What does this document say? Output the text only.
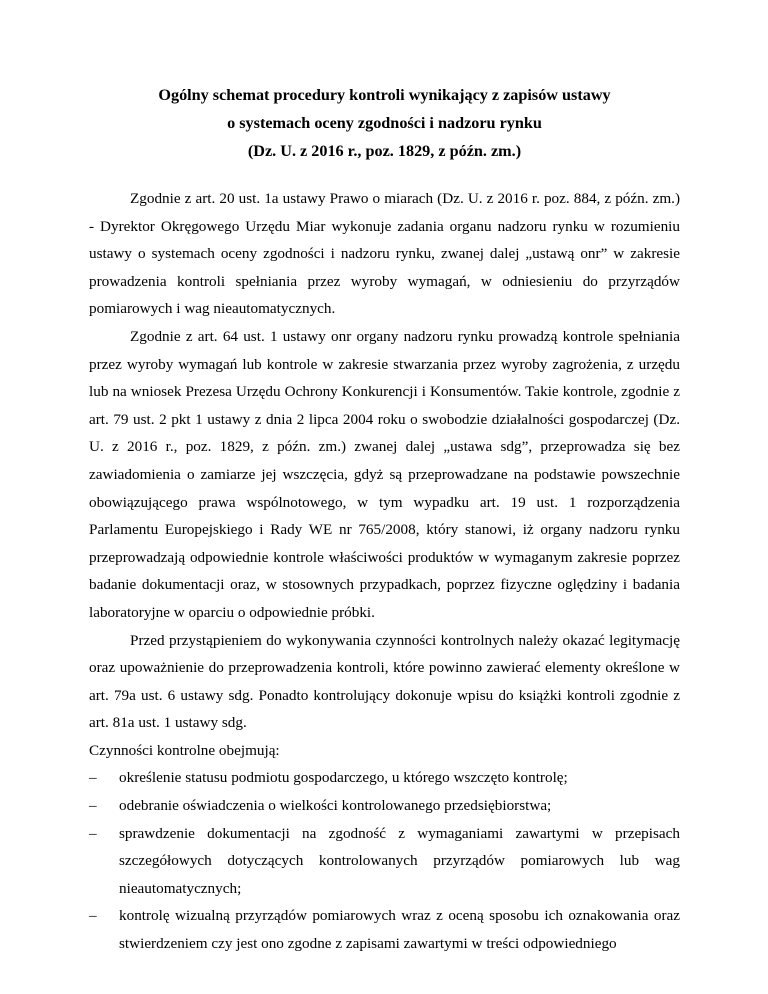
Ogólny schemat procedury kontroli wynikający z zapisów ustawy
o systemach oceny zgodności i nadzoru rynku
(Dz. U. z 2016 r., poz. 1829, z późn. zm.)

Zgodnie z art. 20 ust. 1a ustawy Prawo o miarach (Dz. U. z 2016 r. poz. 884, z późn. zm.) - Dyrektor Okręgowego Urzędu Miar wykonuje zadania organu nadzoru rynku w rozumieniu ustawy o systemach oceny zgodności i nadzoru rynku, zwanej dalej „ustawą onr” w zakresie prowadzenia kontroli spełniania przez wyroby wymagań, w odniesieniu do przyrządów pomiarowych i wag nieautomatycznych.

Zgodnie z art. 64 ust. 1 ustawy onr organy nadzoru rynku prowadzą kontrole spełniania przez wyroby wymagań lub kontrole w zakresie stwarzania przez wyroby zagrożenia, z urzędu lub na wniosek Prezesa Urzędu Ochrony Konkurencji i Konsumentów. Takie kontrole, zgodnie z art. 79 ust. 2 pkt 1 ustawy z dnia 2 lipca 2004 roku o swobodzie działalności gospodarczej (Dz. U. z 2016 r., poz. 1829, z późn. zm.) zwanej dalej „ustawa sdg”, przeprowadza się bez zawiadomienia o zamiarze jej wszczęcia, gdyż są przeprowadzane na podstawie powszechnie obowiązującego prawa wspólnotowego, w tym wypadku art. 19 ust. 1 rozporządzenia Parlamentu Europejskiego i Rady WE nr 765/2008, który stanowi, iż organy nadzoru rynku przeprowadzają odpowiednie kontrole właściwości produktów w wymaganym zakresie poprzez badanie dokumentacji oraz, w stosownych przypadkach, poprzez fizyczne oględziny i badania laboratoryjne w oparciu o odpowiednie próbki.

Przed przystąpieniem do wykonywania czynności kontrolnych należy okazać legitymację oraz upoważnienie do przeprowadzenia kontroli, które powinno zawierać elementy określone w art. 79a ust. 6 ustawy sdg. Ponadto kontrolujący dokonuje wpisu do książki kontroli zgodnie z art. 81a ust. 1 ustawy sdg.

Czynności kontrolne obejmują:

– określenie statusu podmiotu gospodarczego, u którego wszczęto kontrolę;
– odebranie oświadczenia o wielkości kontrolowanego przedsiębiorstwa;
– sprawdzenie dokumentacji na zgodność z wymaganiami zawartymi w przepisach szczegółowych dotyczących kontrolowanych przyrządów pomiarowych lub wag nieautomatycznych;
– kontrolę wizualną przyrządów pomiarowych wraz z oceną sposobu ich oznakowania oraz stwierdzeniem czy jest ono zgodne z zapisami zawartymi w treści odpowiedniego
